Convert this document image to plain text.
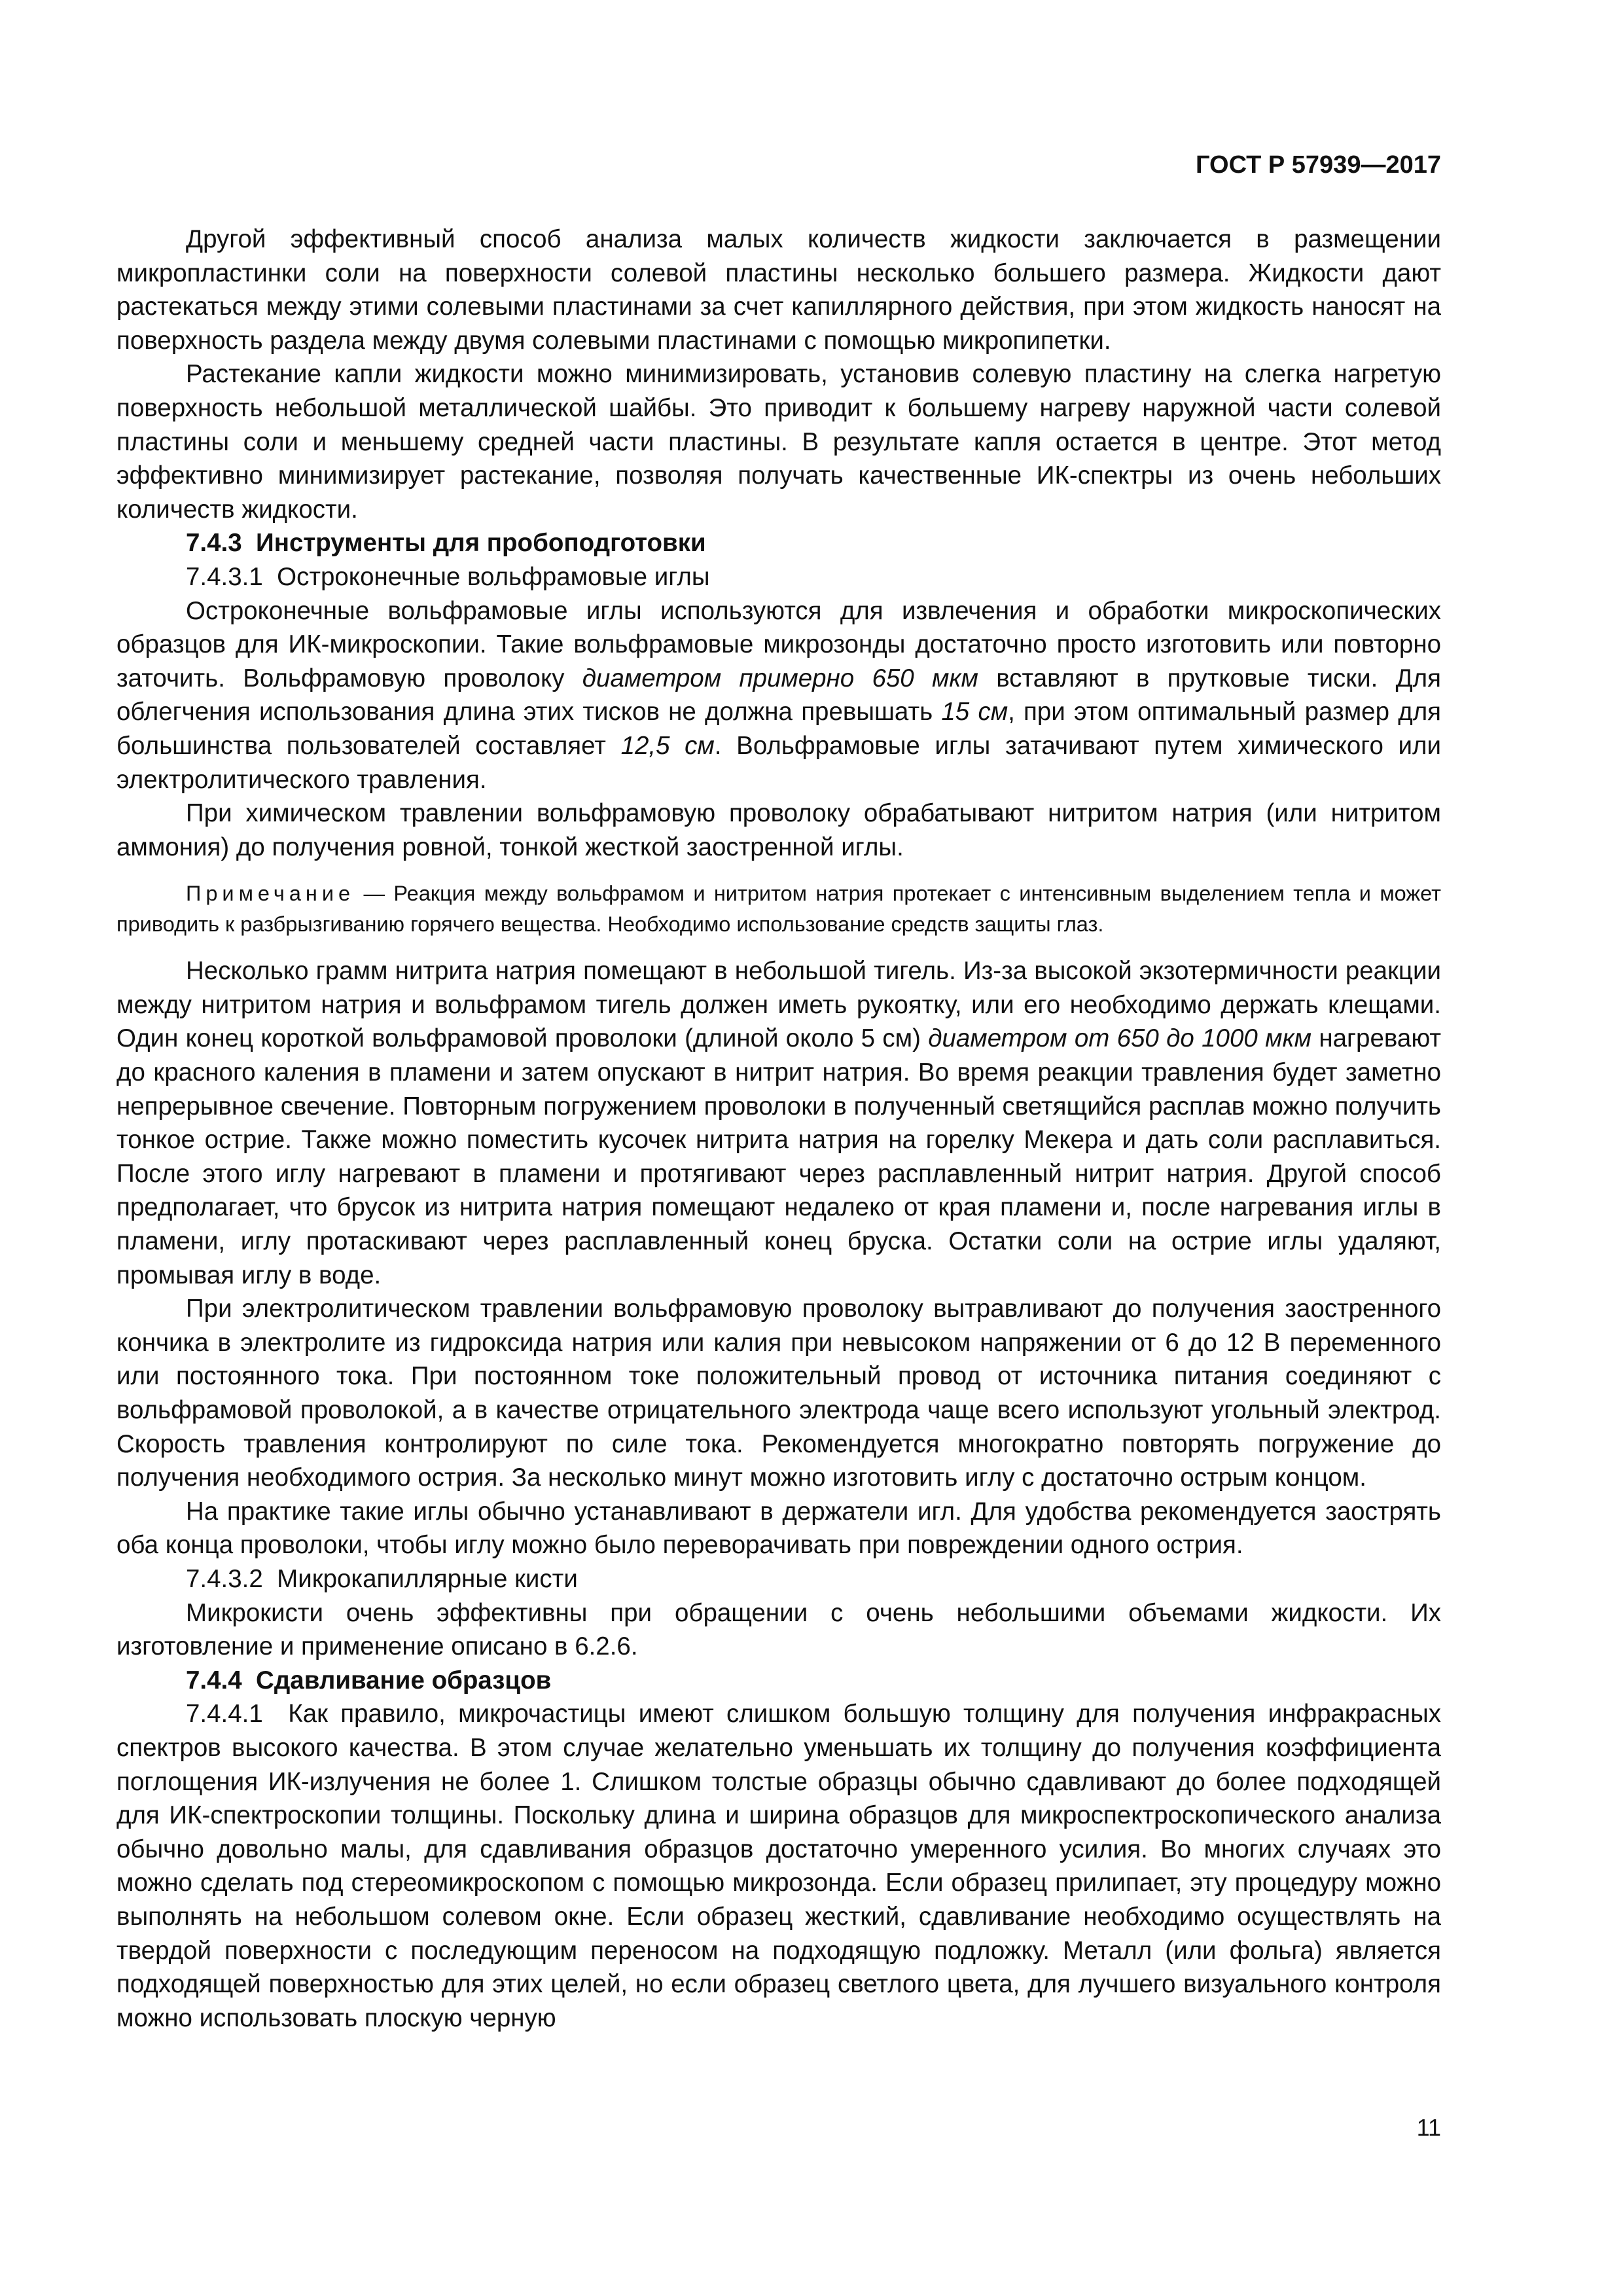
ГОСТ Р 57939—2017

Другой эффективный способ анализа малых количеств жидкости заключается в размещении микропластинки соли на поверхности солевой пластины несколько большего размера. Жидкости дают растекаться между этими солевыми пластинами за счет капиллярного действия, при этом жидкость наносят на поверхность раздела между двумя солевыми пластинами с помощью микропипетки.

Растекание капли жидкости можно минимизировать, установив солевую пластину на слегка нагретую поверхность небольшой металлической шайбы. Это приводит к большему нагреву наружной части солевой пластины соли и меньшему средней части пластины. В результате капля остается в центре. Этот метод эффективно минимизирует растекание, позволяя получать качественные ИК-спектры из очень небольших количеств жидкости.

7.4.3 Инструменты для пробоподготовки

7.4.3.1 Остроконечные вольфрамовые иглы

Остроконечные вольфрамовые иглы используются для извлечения и обработки микроскопических образцов для ИК-микроскопии. Такие вольфрамовые микрозонды достаточно просто изготовить или повторно заточить. Вольфрамовую проволоку диаметром примерно 650 мкм вставляют в прутковые тиски. Для облегчения использования длина этих тисков не должна превышать 15 см, при этом оптимальный размер для большинства пользователей составляет 12,5 см. Вольфрамовые иглы затачивают путем химического или электролитического травления.

При химическом травлении вольфрамовую проволоку обрабатывают нитритом натрия (или нитритом аммония) до получения ровной, тонкой жесткой заостренной иглы.

Примечание — Реакция между вольфрамом и нитритом натрия протекает с интенсивным выделением тепла и может приводить к разбрызгиванию горячего вещества. Необходимо использование средств защиты глаз.

Несколько грамм нитрита натрия помещают в небольшой тигель. Из-за высокой экзотермичности реакции между нитритом натрия и вольфрамом тигель должен иметь рукоятку, или его необходимо держать клещами. Один конец короткой вольфрамовой проволоки (длиной около 5 см) диаметром от 650 до 1000 мкм нагревают до красного каления в пламени и затем опускают в нитрит натрия. Во время реакции травления будет заметно непрерывное свечение. Повторным погружением проволоки в полученный светящийся расплав можно получить тонкое острие. Также можно поместить кусочек нитрита натрия на горелку Мекера и дать соли расплавиться. После этого иглу нагревают в пламени и протягивают через расплавленный нитрит натрия. Другой способ предполагает, что брусок из нитрита натрия помещают недалеко от края пламени и, после нагревания иглы в пламени, иглу протаскивают через расплавленный конец бруска. Остатки соли на острие иглы удаляют, промывая иглу в воде.

При электролитическом травлении вольфрамовую проволоку вытравливают до получения заостренного кончика в электролите из гидроксида натрия или калия при невысоком напряжении от 6 до 12 В переменного или постоянного тока. При постоянном токе положительный провод от источника питания соединяют с вольфрамовой проволокой, а в качестве отрицательного электрода чаще всего используют угольный электрод. Скорость травления контролируют по силе тока. Рекомендуется многократно повторять погружение до получения необходимого острия. За несколько минут можно изготовить иглу с достаточно острым концом.

На практике такие иглы обычно устанавливают в держатели игл. Для удобства рекомендуется заострять оба конца проволоки, чтобы иглу можно было переворачивать при повреждении одного острия.

7.4.3.2 Микрокапиллярные кисти

Микрокисти очень эффективны при обращении с очень небольшими объемами жидкости. Их изготовление и применение описано в 6.2.6.

7.4.4 Сдавливание образцов

7.4.4.1 Как правило, микрочастицы имеют слишком большую толщину для получения инфракрасных спектров высокого качества. В этом случае желательно уменьшать их толщину до получения коэффициента поглощения ИК-излучения не более 1. Слишком толстые образцы обычно сдавливают до более подходящей для ИК-спектроскопии толщины. Поскольку длина и ширина образцов для микроспектроскопического анализа обычно довольно малы, для сдавливания образцов достаточно умеренного усилия. Во многих случаях это можно сделать под стереомикроскопом с помощью микрозонда. Если образец прилипает, эту процедуру можно выполнять на небольшом солевом окне. Если образец жесткий, сдавливание необходимо осуществлять на твердой поверхности с последующим переносом на подходящую подложку. Металл (или фольга) является подходящей поверхностью для этих целей, но если образец светлого цвета, для лучшего визуального контроля можно использовать плоскую черную

11
